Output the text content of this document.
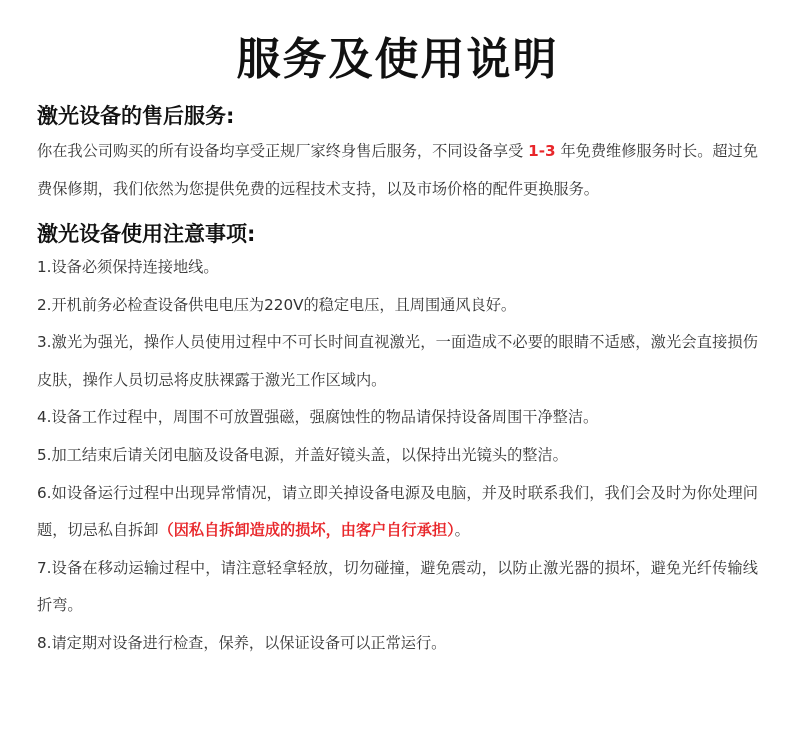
服务及使用说明
激光设备的售后服务:

你在我公司购买的所有设备均享受正规厂家终身售后服务，不同设备享受 1-3 年免费维修服务时长。超过免费保修期，我们依然为您提供免费的远程技术支持，以及市场价格的配件更换服务。

激光设备使用注意事项:
1.设备必须保持连接地线。
2.开机前务必检查设备供电电压为220V的稳定电压，且周围通风良好。
3.激光为强光，操作人员使用过程中不可长时间直视激光，一面造成不必要的眼睛不适感，激光会直接损伤皮肤，操作人员切忌将皮肤裸露于激光工作区域内。
4.设备工作过程中，周围不可放置强磁，强腐蚀性的物品请保持设备周围干净整洁。
5.加工结束后请关闭电脑及设备电源，并盖好镜头盖，以保持出光镜头的整洁。
6.如设备运行过程中出现异常情况，请立即关掉设备电源及电脑，并及时联系我们，我们会及时为你处理问题，切忌私自拆卸（因私自拆卸造成的损坏，由客户自行承担）。
7.设备在移动运输过程中，请注意轻拿轻放，切勿碰撞，避免震动，以防止激光器的损坏，避免光纤传输线折弯。
8.请定期对设备进行检查，保养，以保证设备可以正常运行。
